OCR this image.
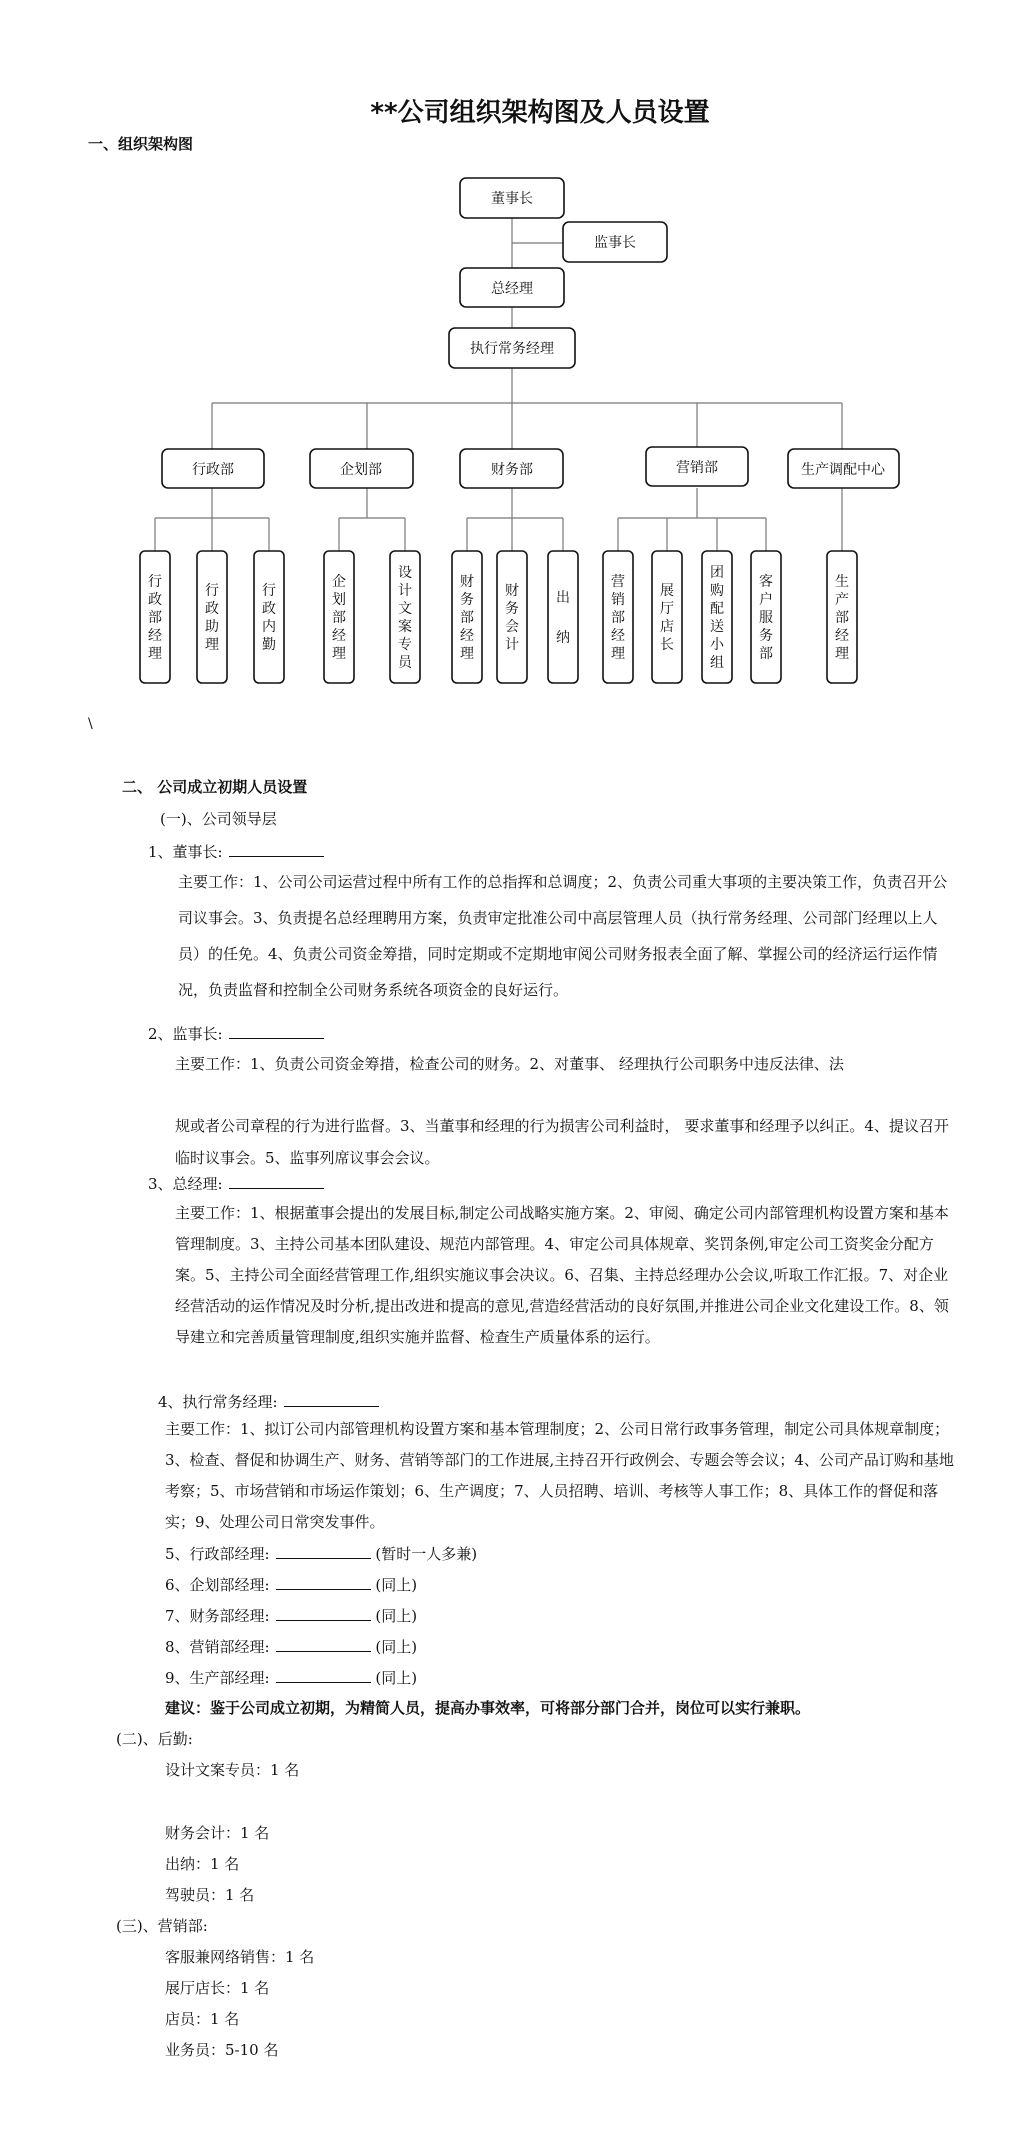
**公司组织架构图及人员设置
一、组织架构图
董事长
监事长
总经理
执行常务经理
行政部	企划部	财务部	营销部	生产调配中心
行政部经理
行政助理
行政内勤
企划部经理
设计文案专员
财务部经理
财务会计
出纳
营销部经理
展厅店长
团购配送小组
客户服务部
生产部经理
\
二、 公司成立初期人员设置
(一)、公司领导层
1、董事长:
主要工作：1、公司公司运营过程中所有工作的总指挥和总调度；2、负责公司重大事项的主要决策工作，负责召开公司议事会。3、负责提名总经理聘用方案，负责审定批准公司中高层管理人员（执行常务经理、公司部门经理以上人员）的任免。4、负责公司资金筹措，同时定期或不定期地审阅公司财务报表全面了解、掌握公司的经济运行运作情况，负责监督和控制全公司财务系统各项资金的良好运行。
2、监事长:
主要工作：1、负责公司资金筹措，检查公司的财务。2、对董事、 经理执行公司职务中违反法律、法
规或者公司章程的行为进行监督。3、当董事和经理的行为损害公司利益时， 要求董事和经理予以纠正。4、提议召开临时议事会。5、监事列席议事会会议。
3、总经理:
主要工作：1、根据董事会提出的发展目标,制定公司战略实施方案。2、审阅、确定公司内部管理机构设置方案和基本管理制度。3、主持公司基本团队建设、规范内部管理。4、审定公司具体规章、奖罚条例,审定公司工资奖金分配方案。5、主持公司全面经营管理工作,组织实施议事会决议。6、召集、主持总经理办公会议,听取工作汇报。7、对企业经营活动的运作情况及时分析,提出改进和提高的意见,营造经营活动的良好氛围,并推进公司企业文化建设工作。8、领导建立和完善质量管理制度,组织实施并监督、检查生产质量体系的运行。
4、执行常务经理:
主要工作：1、拟订公司内部管理机构设置方案和基本管理制度；2、公司日常行政事务管理，制定公司具体规章制度；3、检查、督促和协调生产、财务、营销等部门的工作进展,主持召开行政例会、专题会等会议；4、公司产品订购和基地考察；5、市场营销和市场运作策划；6、生产调度；7、人员招聘、培训、考核等人事工作；8、具体工作的督促和落实；9、处理公司日常突发事件。
5、行政部经理:	(暂时一人多兼)
6、企划部经理:	(同上)
7、财务部经理:	(同上)
8、营销部经理:	(同上)
9、生产部经理:	(同上)
建议：鉴于公司成立初期，为精简人员，提高办事效率，可将部分部门合并，岗位可以实行兼职。
(二)、后勤:
设计文案专员：1 名
财务会计：1 名
出纳：1 名
驾驶员：1 名
(三)、营销部:
客服兼网络销售：1 名
展厅店长：1 名
店员：1 名
业务员：5-10 名
